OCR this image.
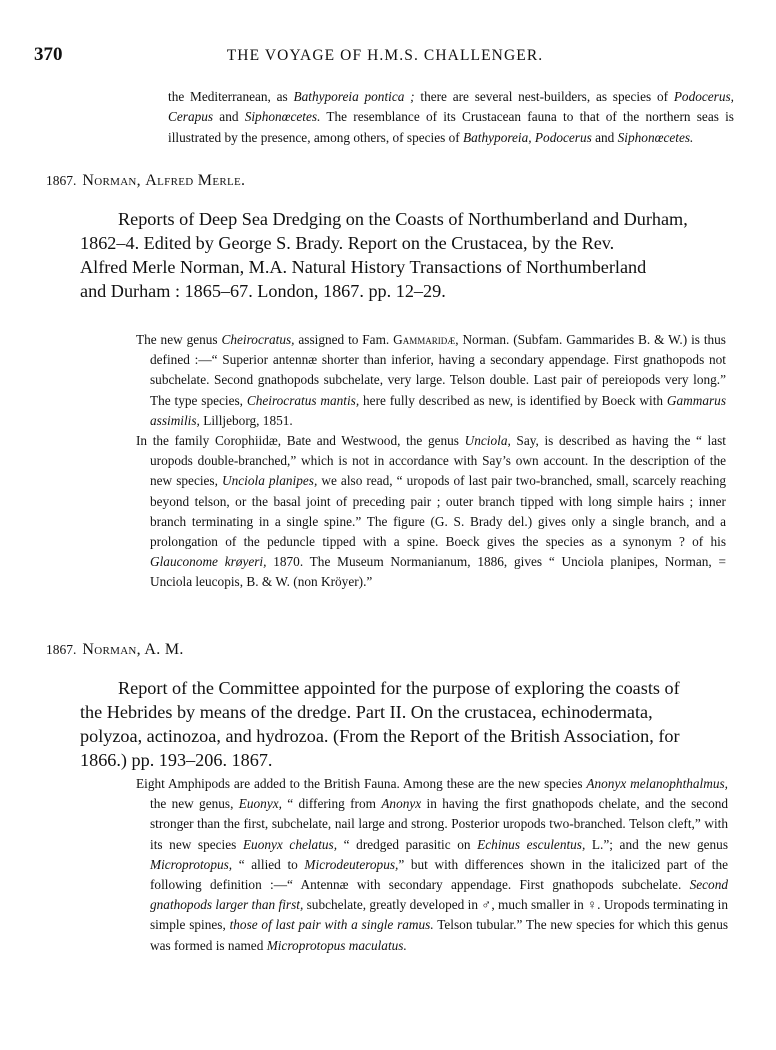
370	THE VOYAGE OF H.M.S. CHALLENGER.

the Mediterranean, as Bathyporeia pontica ; there are several nest-builders, as species of Podocerus, Cerapus and Siphonœcetes. The resemblance of its Crustacean fauna to that of the northern seas is illustrated by the presence, among others, of species of Bathyporeia, Podocerus and Siphonœcetes.

1867. Norman, Alfred Merle.

Reports of Deep Sea Dredging on the Coasts of Northumberland and Durham,
1862–4. Edited by George S. Brady. Report on the Crustacea, by the Rev.
Alfred Merle Norman, M.A. Natural History Transactions of Northumberland
and Durham : 1865–67. London, 1867. pp. 12–29.

The new genus Cheirocratus, assigned to Fam. Gammaridæ, Norman. (Subfam. Gammarides B. & W.) is thus defined :—“ Superior antennæ shorter than inferior, having a secondary appendage. First gnathopods not subchelate. Second gnathopods subchelate, very large. Telson double. Last pair of pereiopods very long.” The type species, Cheirocratus mantis, here fully described as new, is identified by Boeck with Gammarus assimilis, Lilljeborg, 1851.
In the family Corophiidæ, Bate and Westwood, the genus Unciola, Say, is described as having the “ last uropods double-branched,” which is not in accordance with Say’s own account. In the description of the new species, Unciola planipes, we also read, “ uropods of last pair two-branched, small, scarcely reaching beyond telson, or the basal joint of preceding pair ; outer branch tipped with long simple hairs ; inner branch terminating in a single spine.” The figure (G. S. Brady del.) gives only a single branch, and a prolongation of the peduncle tipped with a spine. Boeck gives the species as a synonym ? of his Glauconome krøyeri, 1870. The Museum Normanianum, 1886, gives “ Unciola planipes, Norman, = Unciola leucopis, B. & W. (non Kröyer).”
1867. Norman, A. M.

Report of the Committee appointed for the purpose of exploring the coasts of
the Hebrides by means of the dredge. Part II. On the crustacea, echinodermata,
polyzoa, actinozoa, and hydrozoa. (From the Report of the British Association, for
1866.) pp. 193–206. 1867.

Eight Amphipods are added to the British Fauna. Among these are the new species Anonyx melanophthalmus, the new genus, Euonyx, “ differing from Anonyx in having the first gnathopods chelate, and the second stronger than the first, subchelate, nail large and strong. Posterior uropods two-branched. Telson cleft,” with its new species Euonyx chelatus, “ dredged parasitic on Echinus esculentus, L.”; and the new genus Microprotopus, “ allied to Microdeuteropus,” but with differences shown in the italicized part of the following definition :—“ Antennæ with secondary appendage. First gnathopods subchelate. Second gnathopods larger than first, subchelate, greatly developed in ♂, much smaller in ♀. Uropods terminating in simple spines, those of last pair with a single ramus. Telson tubular.” The new species for which this genus was formed is named Microprotopus maculatus.
